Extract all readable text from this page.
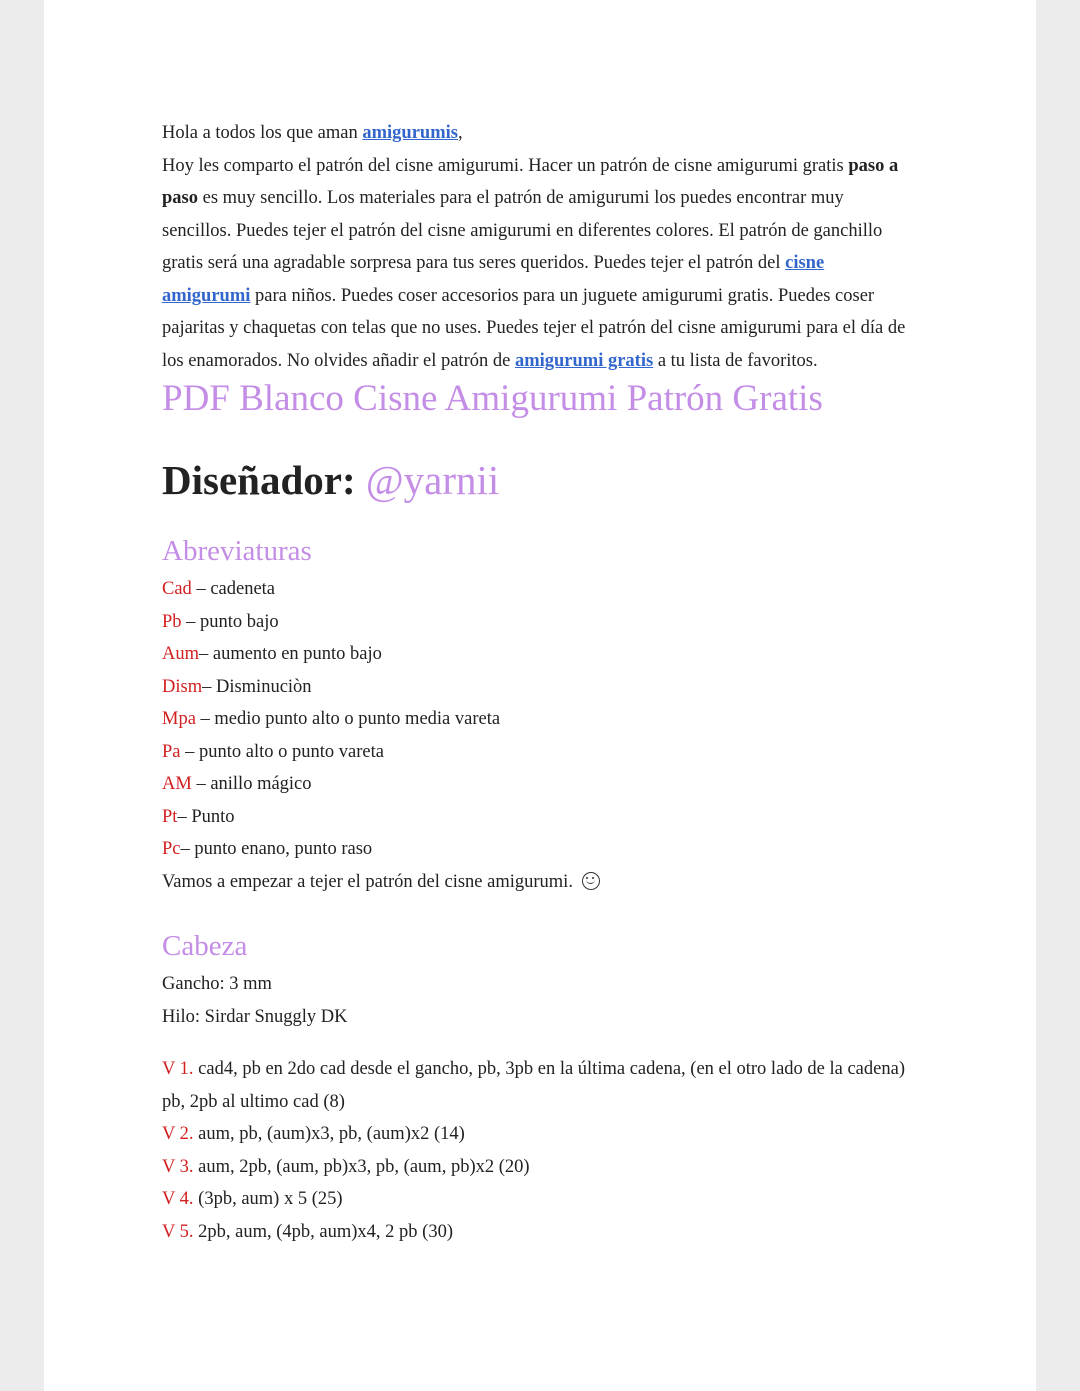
Hola a todos los que aman amigurumis,
Hoy les comparto el patrón del cisne amigurumi. Hacer un patrón de cisne amigurumi gratis paso a paso es muy sencillo. Los materiales para el patrón de amigurumi los puedes encontrar muy sencillos. Puedes tejer el patrón del cisne amigurumi en diferentes colores. El patrón de ganchillo gratis será una agradable sorpresa para tus seres queridos. Puedes tejer el patrón del cisne amigurumi para niños. Puedes coser accesorios para un juguete amigurumi gratis. Puedes coser pajaritas y chaquetas con telas que no uses. Puedes tejer el patrón del cisne amigurumi para el día de los enamorados. No olvides añadir el patrón de amigurumi gratis a tu lista de favoritos.

PDF Blanco Cisne Amigurumi Patrón Gratis
Diseñador: @yarnii
Abreviaturas
Cad – cadeneta
Pb – punto bajo
Aum– aumento en punto bajo
Dism– Disminuciòn
Mpa – medio punto alto o punto media vareta
Pa – punto alto o punto vareta
AM – anillo mágico
Pt– Punto
Pc– punto enano, punto raso
Vamos a empezar a tejer el patrón del cisne amigurumi.
Cabeza
Gancho: 3 mm
Hilo: Sirdar Snuggly DK
V 1. cad4, pb en 2do cad desde el gancho, pb, 3pb en la última cadena, (en el otro lado de la cadena) pb, 2pb al ultimo cad (8)
V 2. aum, pb, (aum)x3, pb, (aum)x2 (14)
V 3. aum, 2pb, (aum, pb)x3, pb, (aum, pb)x2 (20)
V 4. (3pb, aum) x 5 (25)
V 5. 2pb, aum, (4pb, aum)x4, 2 pb (30)
